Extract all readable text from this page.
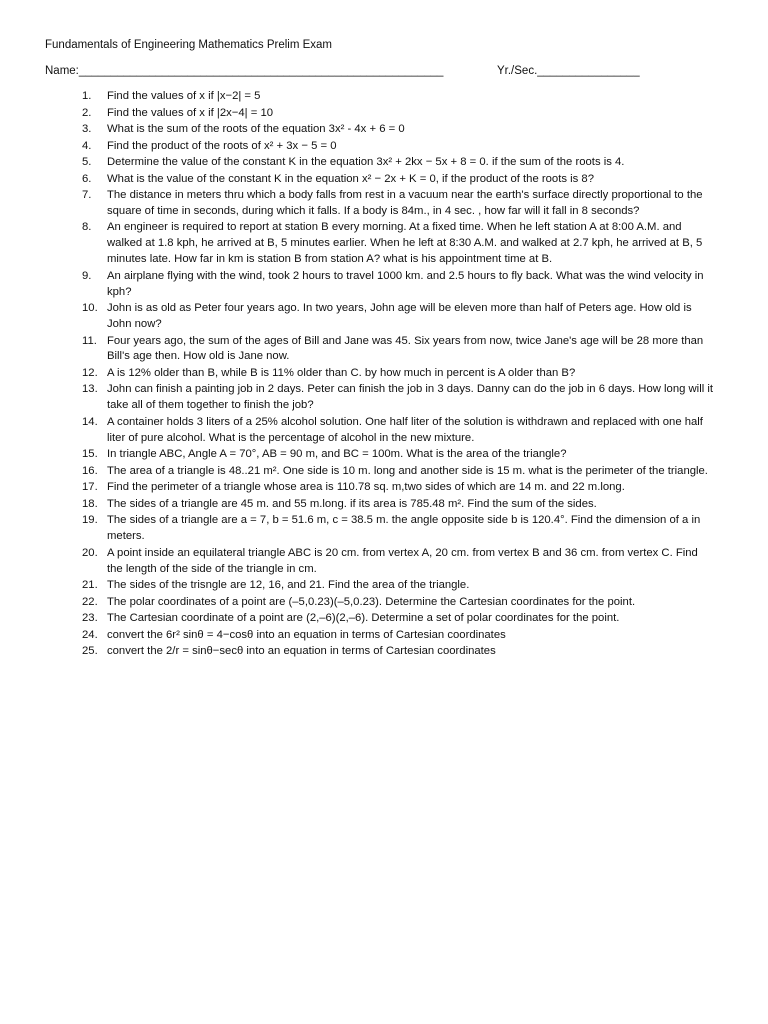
Fundamentals of Engineering Mathematics Prelim Exam
Name:_________________________________________________________	Yr./Sec.________________
1.	Find the values of x if |x−2| = 5
2.	Find the values of x if |2x−4| = 10
3.	What is the sum of the roots of the equation 3x² - 4x + 6 = 0
4.	Find the product of the roots of x² + 3x − 5 = 0
5.	Determine the value of the constant K in the equation 3x² + 2kx − 5x + 8 = 0. if the sum of the roots is 4.
6.	What is the value of the constant K in the equation x² − 2x + K = 0, if the product of the roots is 8?
7.	The distance in meters thru which a body falls from rest in a vacuum near the earth's surface directly proportional to the square of time in seconds, during which it falls. If a body is 84m., in 4 sec. , how far will it fall in 8 seconds?
8.	An engineer is required to report at station B every morning. At a fixed time. When he left station A at 8:00 A.M. and walked at 1.8 kph, he arrived at B, 5 minutes earlier. When he left at 8:30 A.M. and walked at 2.7 kph, he arrived at B, 5 minutes late. How far in km is station B from station A? what is his appointment time at B.
9.	An airplane flying with the wind, took 2 hours to travel 1000 km. and 2.5 hours to fly back. What was the wind velocity in kph?
10. John is as old as Peter four years ago. In two years, John age will be eleven more than half of Peters age. How old is John now?
11. Four years ago, the sum of the ages of Bill and Jane was 45. Six years from now, twice Jane's age will be 28 more than Bill's age then. How old is Jane now.
12. A is 12% older than B, while B is 11% older than C. by how much in percent is A older than B?
13. John can finish a painting job in 2 days. Peter can finish the job in 3 days. Danny can do the job in 6 days. How long will it take all of them together to finish the job?
14. A container holds 3 liters of a 25% alcohol solution. One half liter of the solution is withdrawn and replaced with one half liter of pure alcohol. What is the percentage of alcohol in the new mixture.
15. In triangle ABC, Angle A = 70°, AB = 90 m, and BC = 100m. What is the area of the triangle?
16. The area of a triangle is 48..21 m². One side is 10 m. long and another side is 15 m. what is the perimeter of the triangle.
17. Find the perimeter of a triangle whose area is 110.78 sq. m,two sides of which are 14 m. and 22 m.long.
18. The sides of a triangle are 45 m. and 55 m.long. if its area is 785.48 m². Find the sum of the sides.
19. The sides of a triangle are a = 7, b = 51.6 m, c = 38.5 m. the angle opposite side b is 120.4°. Find the dimension of a in meters.
20. A point inside an equilateral triangle ABC is 20 cm. from vertex A, 20 cm. from vertex B and 36 cm. from vertex C. Find the length of the side of the triangle in cm.
21. The sides of the trisngle are 12, 16, and 21. Find the area of the triangle.
22. The polar coordinates of a point are (–5,0.23)(–5,0.23). Determine the Cartesian coordinates for the point.
23. The Cartesian coordinate of a point are (2,–6)(2,–6). Determine a set of polar coordinates for the point.
24. convert the 6r² sinθ = 4−cosθ into an equation in terms of Cartesian coordinates
25. convert the 2/r = sinθ−secθ into an equation in terms of Cartesian coordinates
